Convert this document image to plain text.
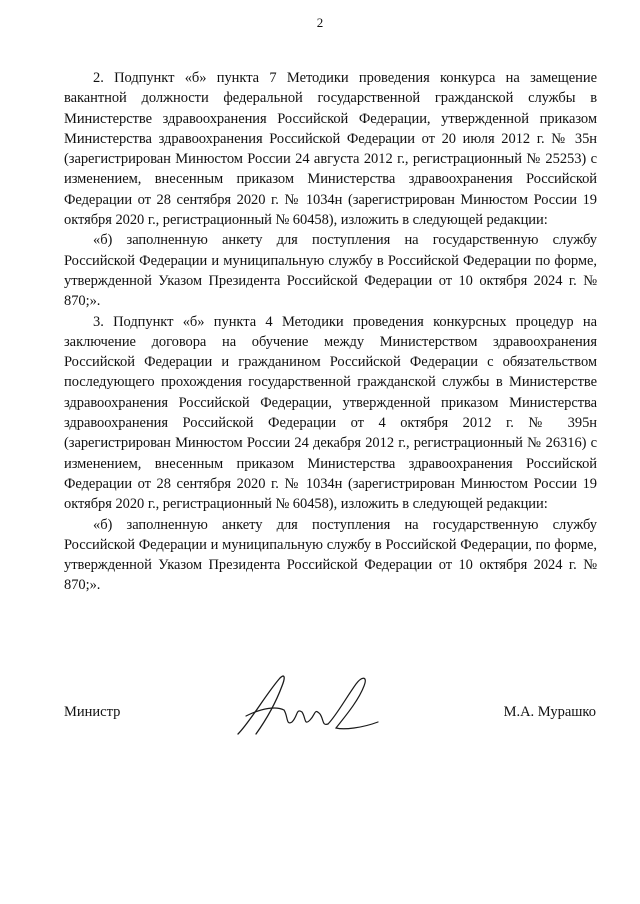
2

2. Подпункт «б» пункта 7 Методики проведения конкурса на замещение вакантной должности федеральной государственной гражданской службы в Министерстве здравоохранения Российской Федерации, утвержденной приказом Министерства здравоохранения Российской Федерации от 20 июля 2012 г. № 35н (зарегистрирован Минюстом России 24 августа 2012 г., регистрационный № 25253) с изменением, внесенным приказом Министерства здравоохранения Российской Федерации от 28 сентября 2020 г. № 1034н (зарегистрирован Минюстом России 19 октября 2020 г., регистрационный № 60458), изложить в следующей редакции:

«б) заполненную анкету для поступления на государственную службу Российской Федерации и муниципальную службу в Российской Федерации по форме, утвержденной Указом Президента Российской Федерации от 10 октября 2024 г. № 870;».

3. Подпункт «б» пункта 4 Методики проведения конкурсных процедур на заключение договора на обучение между Министерством здравоохранения Российской Федерации и гражданином Российской Федерации с обязательством последующего прохождения государственной гражданской службы в Министерстве здравоохранения Российской Федерации, утвержденной приказом Министерства здравоохранения Российской Федерации от 4 октября 2012 г. № 395н (зарегистрирован Минюстом России 24 декабря 2012 г., регистрационный № 26316) с изменением, внесенным приказом Министерства здравоохранения Российской Федерации от 28 сентября 2020 г. № 1034н (зарегистрирован Минюстом России 19 октября 2020 г., регистрационный № 60458), изложить в следующей редакции:

«б) заполненную анкету для поступления на государственную службу Российской Федерации и муниципальную службу в Российской Федерации, по форме, утвержденной Указом Президента Российской Федерации от 10 октября 2024 г. № 870;».

Министр	М.А. Мурашко
